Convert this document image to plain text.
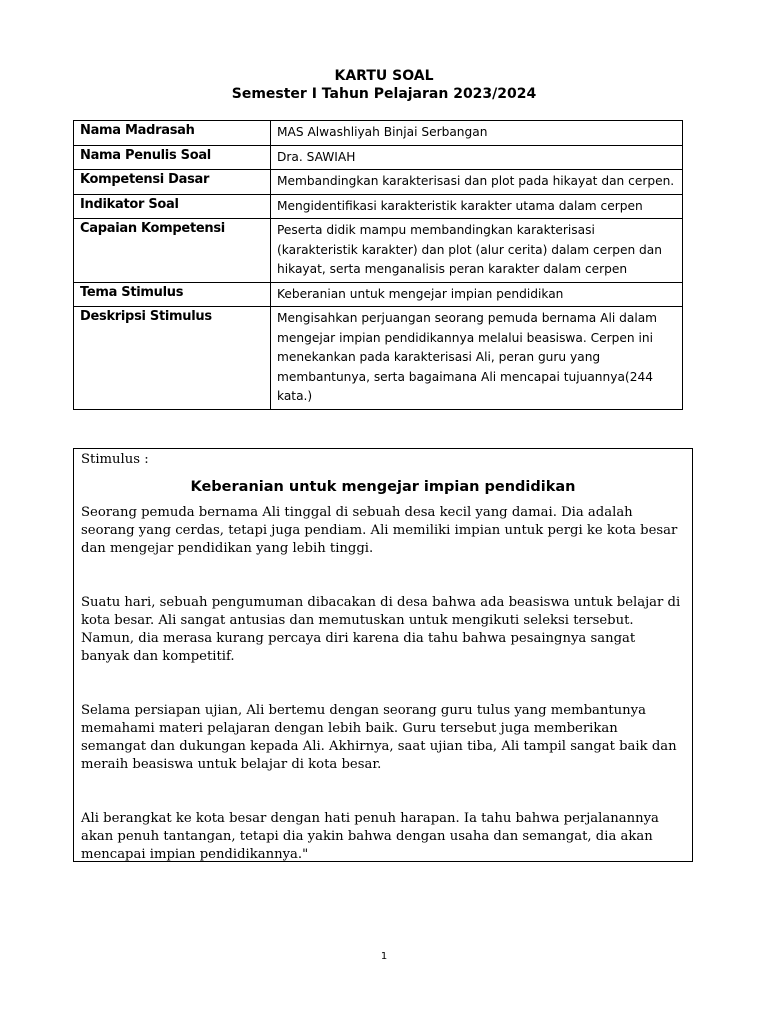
KARTU SOAL
Semester I Tahun Pelajaran 2023/2024
Nama Madrasah	MAS Alwashliyah Binjai Serbangan
Nama Penulis Soal	Dra. SAWIAH
Kompetensi Dasar	Membandingkan karakterisasi dan plot pada hikayat dan cerpen.
Indikator Soal	Mengidentifikasi karakteristik karakter utama dalam cerpen
Capaian Kompetensi	Peserta didik mampu membandingkan karakterisasi (karakteristik karakter) dan plot (alur cerita) dalam cerpen dan hikayat, serta menganalisis peran karakter dalam cerpen
Tema Stimulus	Keberanian untuk mengejar impian pendidikan
Deskripsi Stimulus	Mengisahkan perjuangan seorang pemuda bernama Ali dalam mengejar impian pendidikannya melalui beasiswa. Cerpen ini menekankan pada karakterisasi Ali, peran guru yang membantunya, serta bagaimana Ali mencapai tujuannya(244 kata.)

Stimulus :

Keberanian untuk mengejar impian pendidikan

Seorang pemuda bernama Ali tinggal di sebuah desa kecil yang damai. Dia adalah seorang yang cerdas, tetapi juga pendiam. Ali memiliki impian untuk pergi ke kota besar dan mengejar pendidikan yang lebih tinggi.

Suatu hari, sebuah pengumuman dibacakan di desa bahwa ada beasiswa untuk belajar di kota besar. Ali sangat antusias dan memutuskan untuk mengikuti seleksi tersebut. Namun, dia merasa kurang percaya diri karena dia tahu bahwa pesaingnya sangat banyak dan kompetitif.

Selama persiapan ujian, Ali bertemu dengan seorang guru tulus yang membantunya memahami materi pelajaran dengan lebih baik. Guru tersebut juga memberikan semangat dan dukungan kepada Ali. Akhirnya, saat ujian tiba, Ali tampil sangat baik dan meraih beasiswa untuk belajar di kota besar.

Ali berangkat ke kota besar dengan hati penuh harapan. Ia tahu bahwa perjalanannya akan penuh tantangan, tetapi dia yakin bahwa dengan usaha dan semangat, dia akan mencapai impian pendidikannya."

1
